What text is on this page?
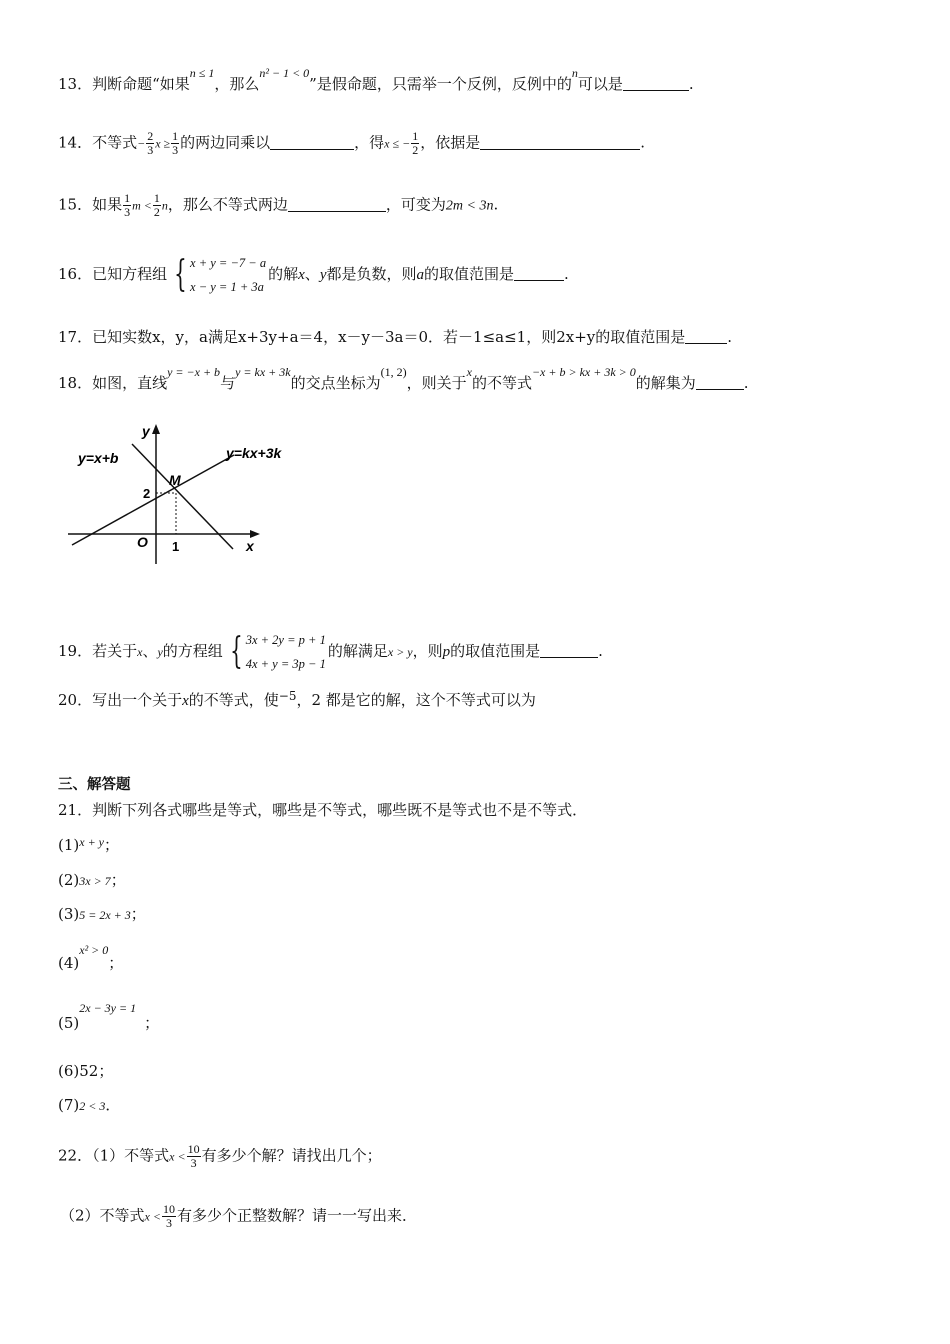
13．判断命题“如果$^{n \le 1}$，那么$^{n^2 - 1 < 0}$”是假命题，只需举一个反例，反例中的$^n$可以是	.
14．不等式− $\frac{2}{3}$ $x \ge \frac{1}{3}$ 的两边同乘以	，得x ≤ − $\frac{1}{2}$ ，依据是	.
15．如果 $\frac{1}{3}$ $m < \frac{1}{2}$ n，那么不等式两边	，可变为2m < 3n.
16．已知方程组 { x + y = −7 − a
x − y = 1 + 3a
的解x、y都是负数，则a的取值范围是	.
17．已知实数x，y，a满足x+3y+a＝4，x－y－3a＝0．若－1≤a≤1，则2x+y的取值范围是	.
18．如图，直线$^{y = -x + b}$与$^{y = kx + 3k}$的交点坐标为$^{(1, 2)}$，则关于$^x$的不等式$^{-x + b > kx + 3k > 0}$的解集为	.
y=x+b	y=kx+3k
y
x
O
M
2
1
19．若关于x、y的方程组 { 3x + 2y = p + 1
4x + y = 3p − 1
的解满足x > y，则p的取值范围是	.
20．写出一个关于x的不等式，使$^{-5}$，2 都是它的解，这个不等式可以为
三、解答题
21．判断下列各式哪些是等式，哪些是不等式，哪些既不是等式也不是不等式．
$(1)^{x + y}$；
(2)3x > 7；
(3)5 = 2x + 3；
$(4)^{x^2 > 0}$；
$(5)^{2x - 3y = 1}$；
(6)52；
(7)2 < 3．
22．（1）不等式$x < \frac{10}{3}$ 有多少个解？请找出几个；
（2）不等式$x < \frac{10}{3}$ 有多少个正整数解？请一一写出来．
